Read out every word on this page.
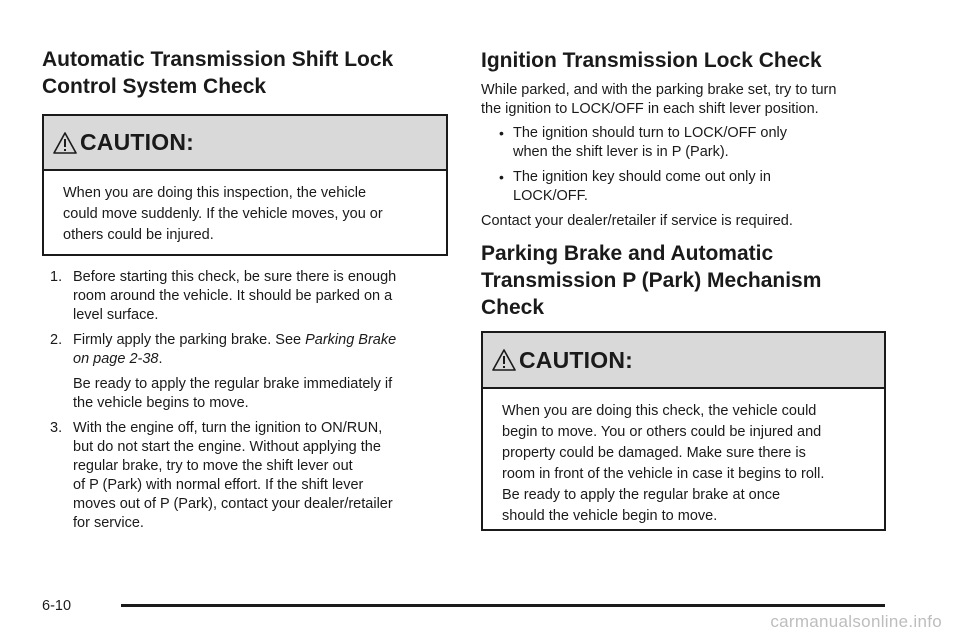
Automatic Transmission Shift Lock Control System Check
CAUTION:
When you are doing this inspection, the vehicle
could move suddenly. If the vehicle moves, you or
others could be injured.
1. Before starting this check, be sure there is enough
room around the vehicle. It should be parked on a
level surface.
2. Firmly apply the parking brake. See Parking Brake
on page 2-38.

Be ready to apply the regular brake immediately if
the vehicle begins to move.

3. With the engine off, turn the ignition to ON/RUN,
but do not start the engine. Without applying the
regular brake, try to move the shift lever out
of P (Park) with normal effort. If the shift lever
moves out of P (Park), contact your dealer/retailer
for service.
Ignition Transmission Lock Check
While parked, and with the parking brake set, try to turn
the ignition to LOCK/OFF in each shift lever position.
• The ignition should turn to LOCK/OFF only
when the shift lever is in P (Park).
• The ignition key should come out only in
LOCK/OFF.
Contact your dealer/retailer if service is required.
Parking Brake and Automatic
Transmission P (Park) Mechanism
Check
CAUTION:
When you are doing this check, the vehicle could
begin to move. You or others could be injured and
property could be damaged. Make sure there is
room in front of the vehicle in case it begins to roll.
Be ready to apply the regular brake at once
should the vehicle begin to move.
6-10
carmanualsonline.info
